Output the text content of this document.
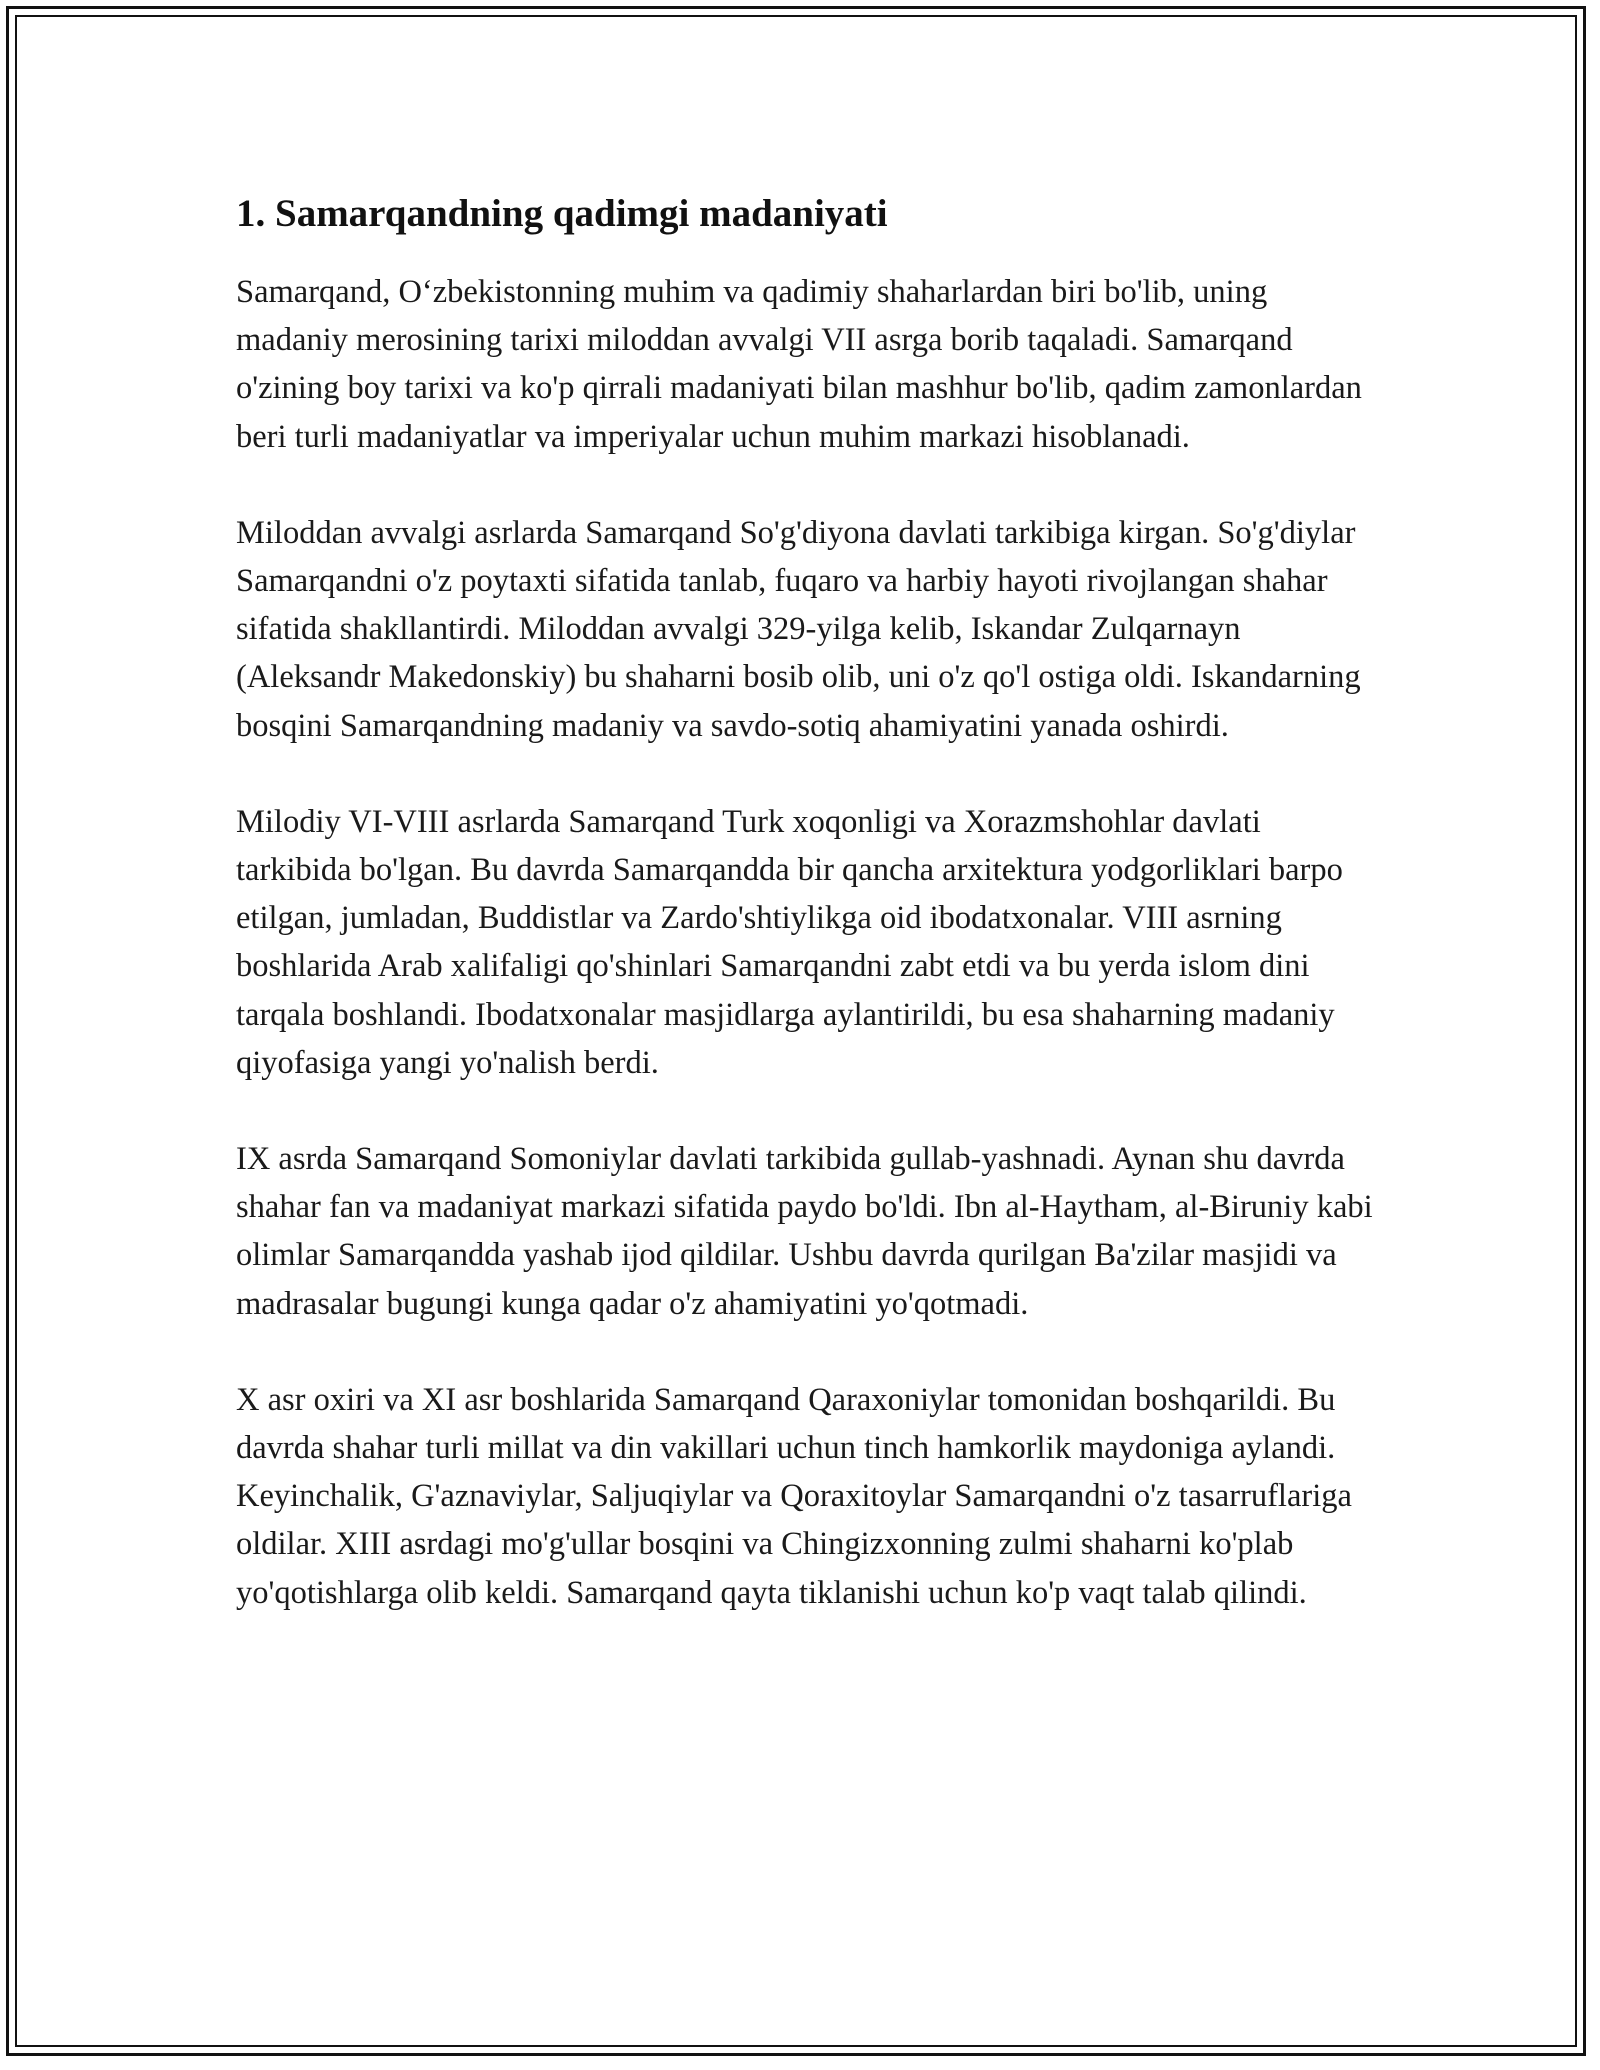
1. Samarqandning qadimgi madaniyati

Samarqand, O‘zbekistonning muhim va qadimiy shaharlardan biri bo'lib, uning madaniy merosining tarixi miloddan avvalgi VII asrga borib taqaladi. Samarqand o'zining boy tarixi va ko'p qirrali madaniyati bilan mashhur bo'lib, qadim zamonlardan beri turli madaniyatlar va imperiyalar uchun muhim markazi hisoblanadi.

Miloddan avvalgi asrlarda Samarqand So'g'diyona davlati tarkibiga kirgan. So'g'diylar Samarqandni o'z poytaxti sifatida tanlab, fuqaro va harbiy hayoti rivojlangan shahar sifatida shakllantirdi. Miloddan avvalgi 329-yilga kelib, Iskandar Zulqarnayn (Aleksandr Makedonskiy) bu shaharni bosib olib, uni o'z qo'l ostiga oldi. Iskandarning bosqini Samarqandning madaniy va savdo-sotiq ahamiyatini yanada oshirdi.

Milodiy VI-VIII asrlarda Samarqand Turk xoqonligi va Xorazmshohlar davlati tarkibida bo'lgan. Bu davrda Samarqandda bir qancha arxitektura yodgorliklari barpo etilgan, jumladan, Buddistlar va Zardo'shtiylikga oid ibodatxonalar. VIII asrning boshlarida Arab xalifaligi qo'shinlari Samarqandni zabt etdi va bu yerda islom dini tarqala boshlandi. Ibodatxonalar masjidlarga aylantirildi, bu esa shaharning madaniy qiyofasiga yangi yo'nalish berdi.

IX asrda Samarqand Somoniylar davlati tarkibida gullab-yashnadi. Aynan shu davrda shahar fan va madaniyat markazi sifatida paydo bo'ldi. Ibn al-Haytham, al-Biruniy kabi olimlar Samarqandda yashab ijod qildilar. Ushbu davrda qurilgan Ba'zilar masjidi va madrasalar bugungi kunga qadar o'z ahamiyatini yo'qotmadi.

X asr oxiri va XI asr boshlarida Samarqand Qaraxoniylar tomonidan boshqarildi. Bu davrda shahar turli millat va din vakillari uchun tinch hamkorlik maydoniga aylandi. Keyinchalik, G'aznaviylar, Saljuqiylar va Qoraxitoylar Samarqandni o'z tasarruflariga oldilar. XIII asrdagi mo'g'ullar bosqini va Chingizxonning zulmi shaharni ko'plab yo'qotishlarga olib keldi. Samarqand qayta tiklanishi uchun ko'p vaqt talab qilindi.
